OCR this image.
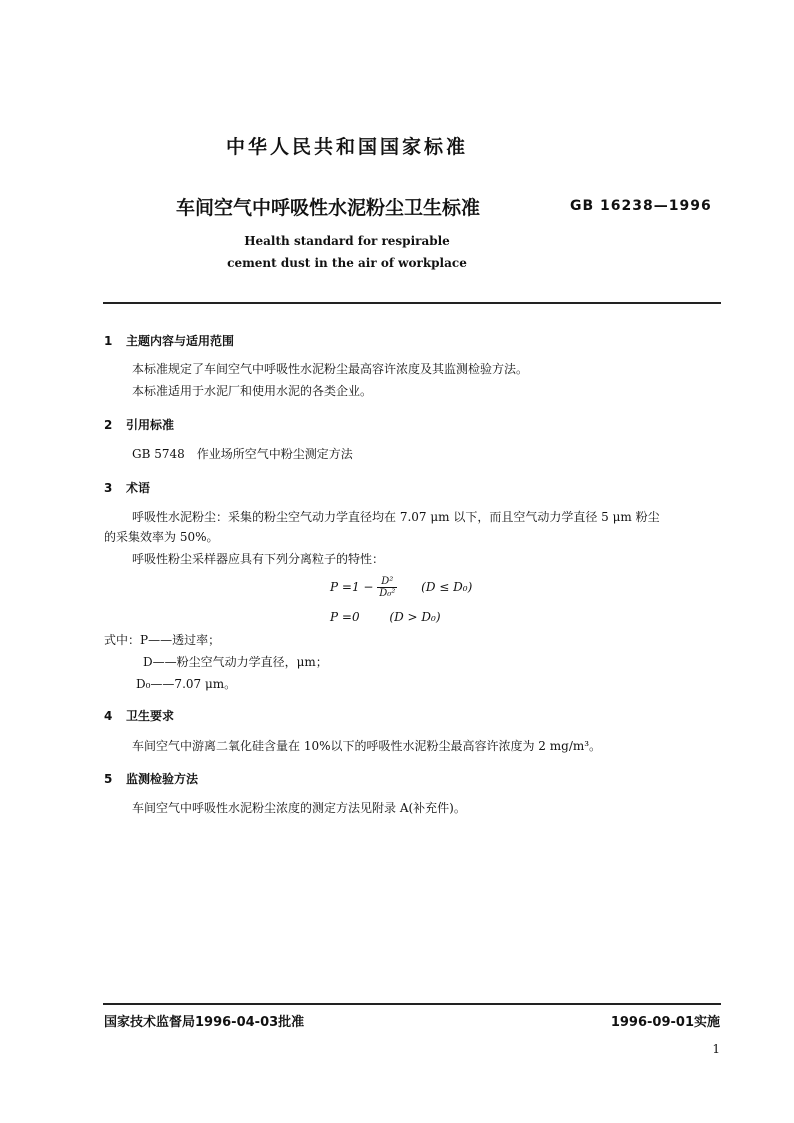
中华人民共和国国家标准
车间空气中呼吸性水泥粉尘卫生标准	GB 16238—1996
Health standard for respirable
cement dust in the air of workplace
1 主题内容与适用范围
本标准规定了车间空气中呼吸性水泥粉尘最高容许浓度及其监测检验方法。
本标准适用于水泥厂和使用水泥的各类企业。
2 引用标准
GB 5748　作业场所空气中粉尘测定方法
3 术语
呼吸性水泥粉尘：采集的粉尘空气动力学直径均在 7.07 μm 以下，而且空气动力学直径 5 μm 粉尘
的采集效率为 50%。
呼吸性粉尘采样器应具有下列分离粒子的特性：
$P =1 - \frac{\text{D²}}{\text{D₀²}} (D \le D_0)$
P =0 (D > D₀)
式中：P——透过率；
D——粉尘空气动力学直径，μm；
D₀——7.07 μm。
4 卫生要求
车间空气中游离二氧化硅含量在 10%以下的呼吸性水泥粉尘最高容许浓度为 2 mg/m³。
5 监测检验方法
车间空气中呼吸性水泥粉尘浓度的测定方法见附录 A(补充件)。
国家技术监督局1996-04-03批准	1996-09-01实施
1
